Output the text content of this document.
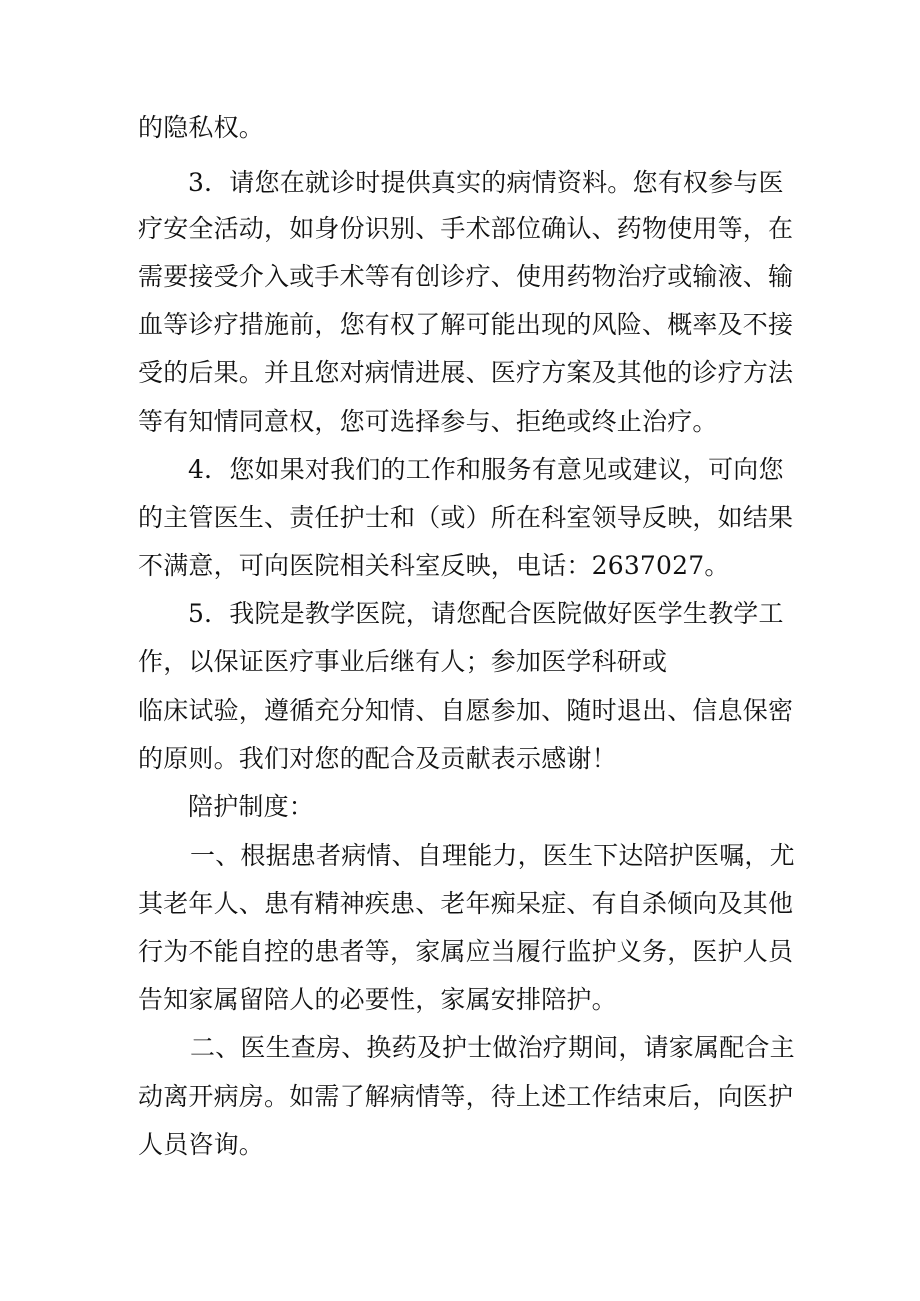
的隐私权。
3．请您在就诊时提供真实的病情资料。您有权参与医
疗安全活动，如身份识别、手术部位确认、药物使用等，在
需要接受介入或手术等有创诊疗、使用药物治疗或输液、输
血等诊疗措施前，您有权了解可能出现的风险、概率及不接
受的后果。并且您对病情进展、医疗方案及其他的诊疗方法
等有知情同意权，您可选择参与、拒绝或终止治疗。
4．您如果对我们的工作和服务有意见或建议，可向您
的主管医生、责任护士和（或）所在科室领导反映，如结果
不满意，可向医院相关科室反映，电话：2637027。
5．我院是教学医院，请您配合医院做好医学生教学工
作，以保证医疗事业后继有人；参加医学科研或
临床试验，遵循充分知情、自愿参加、随时退出、信息保密
的原则。我们对您的配合及贡献表示感谢！
陪护制度：
一、根据患者病情、自理能力，医生下达陪护医嘱，尤
其老年人、患有精神疾患、老年痴呆症、有自杀倾向及其他
行为不能自控的患者等，家属应当履行监护义务，医护人员
告知家属留陪人的必要性，家属安排陪护。
二、医生查房、换药及护士做治疗期间，请家属配合主
动离开病房。如需了解病情等，待上述工作结束后，向医护
人员咨询。
